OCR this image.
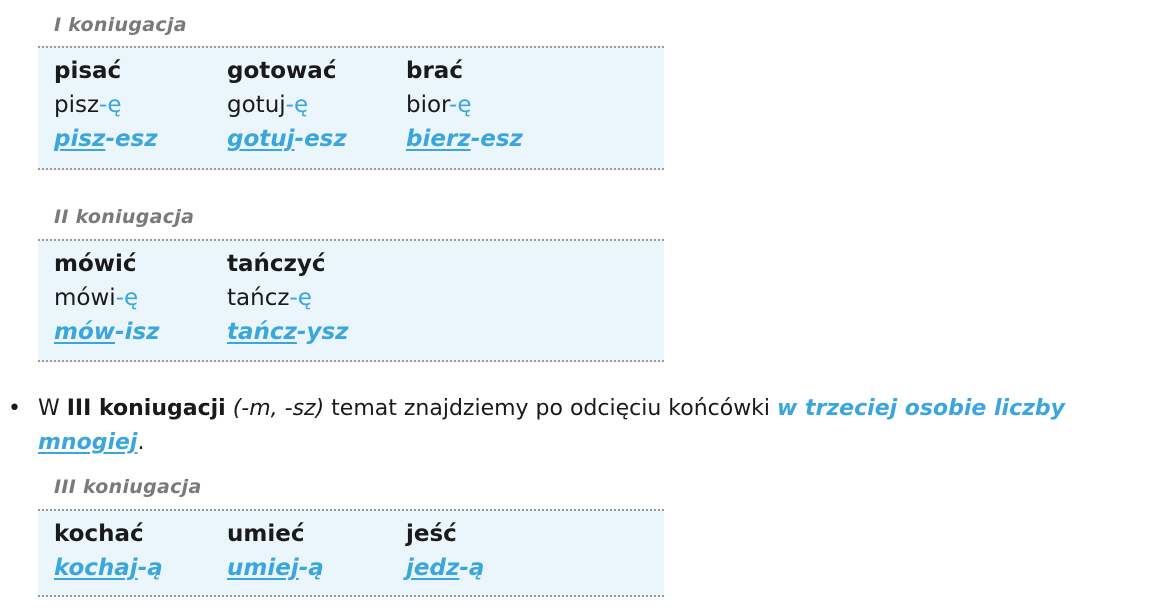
I koniugacja
pisać
pisz-ę
pisz-esz
gotować
gotuj-ę
gotuj-esz
brać
bior-ę
bierz-esz
II koniugacja
mówić
mówi-ę
mów-isz
tańczyć
tańcz-ę
tańcz-ysz
• W III koniugacji (-m, -sz) temat znajdziemy po odcięciu końcówki w trzeciej osobie liczby
mnogiej.
III koniugacja
kochać
kochaj-ą
umieć
umiej-ą
jeść
jedz-ą
